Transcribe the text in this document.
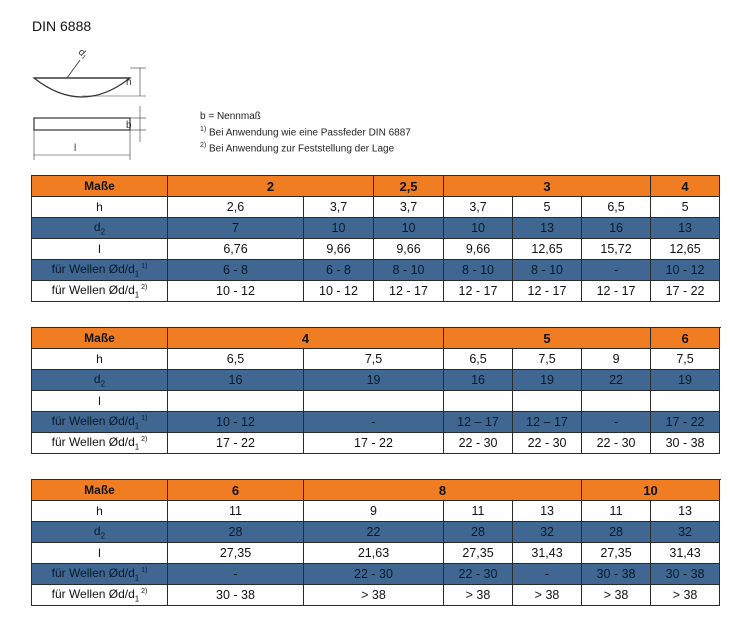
DIN 6888
d₁
h
b
l
b = Nennmaß
$^{1)}$ Bei Anwendung wie eine Passfeder DIN 6887
$^{2)}$ Bei Anwendung zur Feststellung der Lage
Maße	2		2,5	3			4
h	2,6	3,7	3,7	3,7	5	6,5	5
$d_2$	7	10	10	10	13	16	13
l	6,76	9,66	9,66	9,66	12,65	15,72	12,65
für Wellen $Ød/d_1$ $^{1)}$	6 - 8	6 - 8	8 - 10	8 - 10	8 - 10	-	10 - 12
für Wellen $Ød/d_1$ $^{2)}$	10 - 12	10 - 12	12 - 17	12 - 17	12 - 17	12 - 17	17 - 22
Maße	4		5			6	
h	6,5	7,5	6,5	7,5	9	7,5	
$d_2$	16	19	16	19	22	19	
l							
für Wellen $Ød/d_1$ $^{1)}$	10 - 12	-	12 – 17	12 – 17	-	17 - 22	
für Wellen $Ød/d_1$ $^{2)}$	17 - 22	17 - 22	22 - 30	22 - 30	22 - 30	30 - 38	
Maße	6	8			10		
h	11	9	11	13	11	13	
$d_2$	28	22	28	32	28	32	
l	27,35	21,63	27,35	31,43	27,35	31,43	
für Wellen $Ød/d_1$ $^{1)}$	-	22 - 30	22 - 30	-	30 - 38	30 - 38	
für Wellen $Ød/d_1$ $^{2)}$	30 - 38	> 38	> 38	> 38	> 38	> 38	
